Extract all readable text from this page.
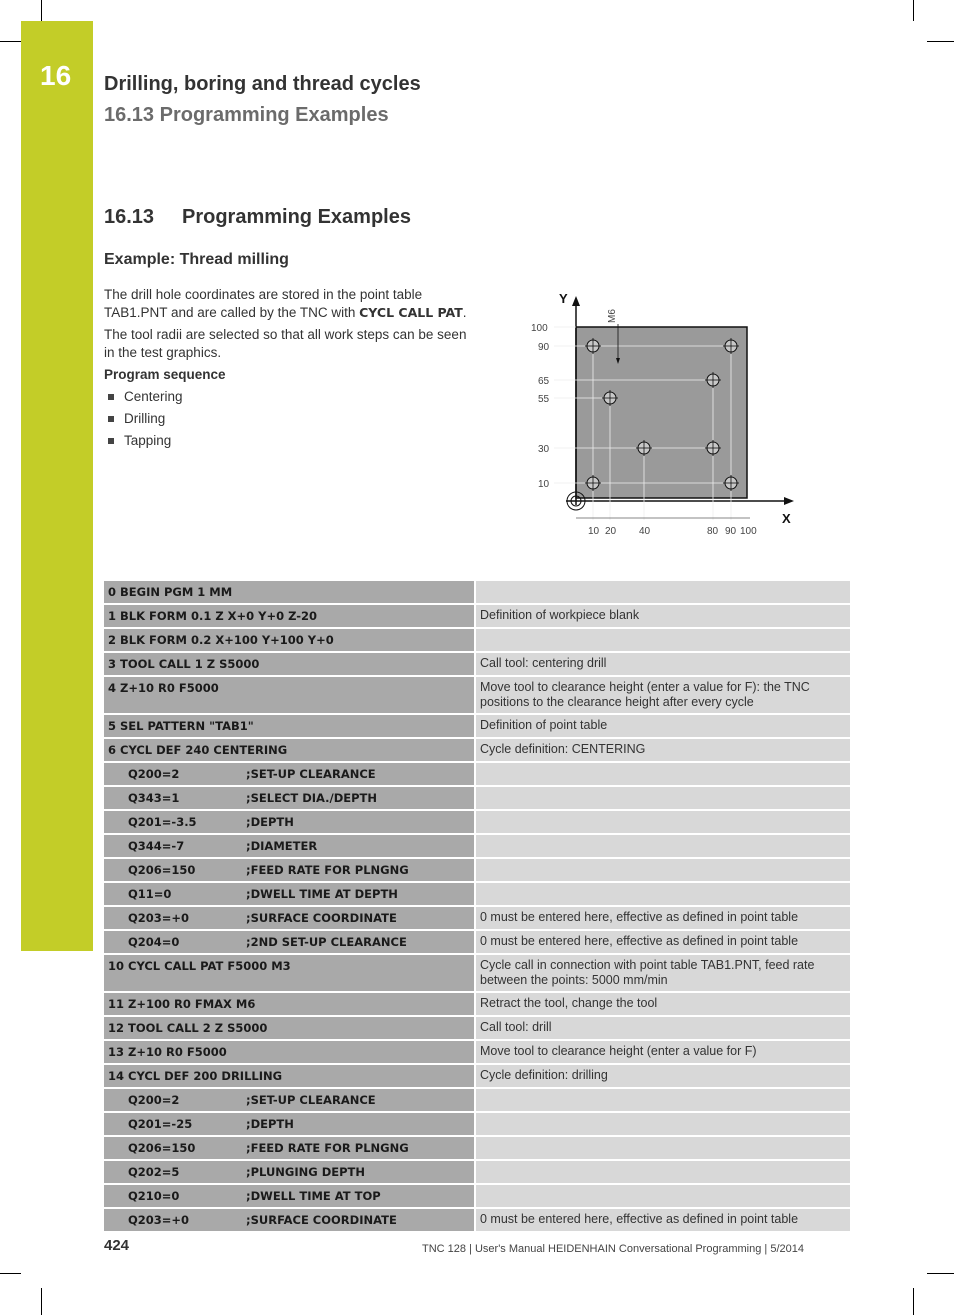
16 Drilling, boring and thread cycles
16.13 Programming Examples
16.13 Programming Examples
Example: Thread milling

The drill hole coordinates are stored in the point table TAB1.PNT and are called by the TNC with CYCL CALL PAT.

The tool radii are selected so that all work steps can be seen in the test graphics.

Program sequence
Centering
Drilling
Tapping
Y
X
M6
100
90
65
55
30
10
10 20 40	80 90 100
0 BEGIN PGM 1 MM
1 BLK FORM 0.1 Z X+0 Y+0 Z-20	Definition of workpiece blank
2 BLK FORM 0.2 X+100 Y+100 Y+0
3 TOOL CALL 1 Z S5000	Call tool: centering drill
4 Z+10 R0 F5000	Move tool to clearance height (enter a value for F): the TNC positions to the clearance height after every cycle
5 SEL PATTERN "TAB1"	Definition of point table
6 CYCL DEF 240 CENTERING	Cycle definition: CENTERING
Q200=2	;SET-UP CLEARANCE
Q343=1	;SELECT DIA./DEPTH
Q201=-3.5	;DEPTH
Q344=-7	;DIAMETER
Q206=150	;FEED RATE FOR PLNGNG
Q11=0	;DWELL TIME AT DEPTH
Q203=+0	;SURFACE COORDINATE	0 must be entered here, effective as defined in point table
Q204=0	;2ND SET-UP CLEARANCE	0 must be entered here, effective as defined in point table
10 CYCL CALL PAT F5000 M3	Cycle call in connection with point table TAB1.PNT, feed rate between the points: 5000 mm/min
11 Z+100 R0 FMAX M6	Retract the tool, change the tool
12 TOOL CALL 2 Z S5000	Call tool: drill
13 Z+10 R0 F5000	Move tool to clearance height (enter a value for F)
14 CYCL DEF 200 DRILLING	Cycle definition: drilling
Q200=2	;SET-UP CLEARANCE
Q201=-25	;DEPTH
Q206=150	;FEED RATE FOR PLNGNG
Q202=5	;PLUNGING DEPTH
Q210=0	;DWELL TIME AT TOP
Q203=+0	;SURFACE COORDINATE	0 must be entered here, effective as defined in point table
424	TNC 128 | User's Manual HEIDENHAIN Conversational Programming | 5/2014
